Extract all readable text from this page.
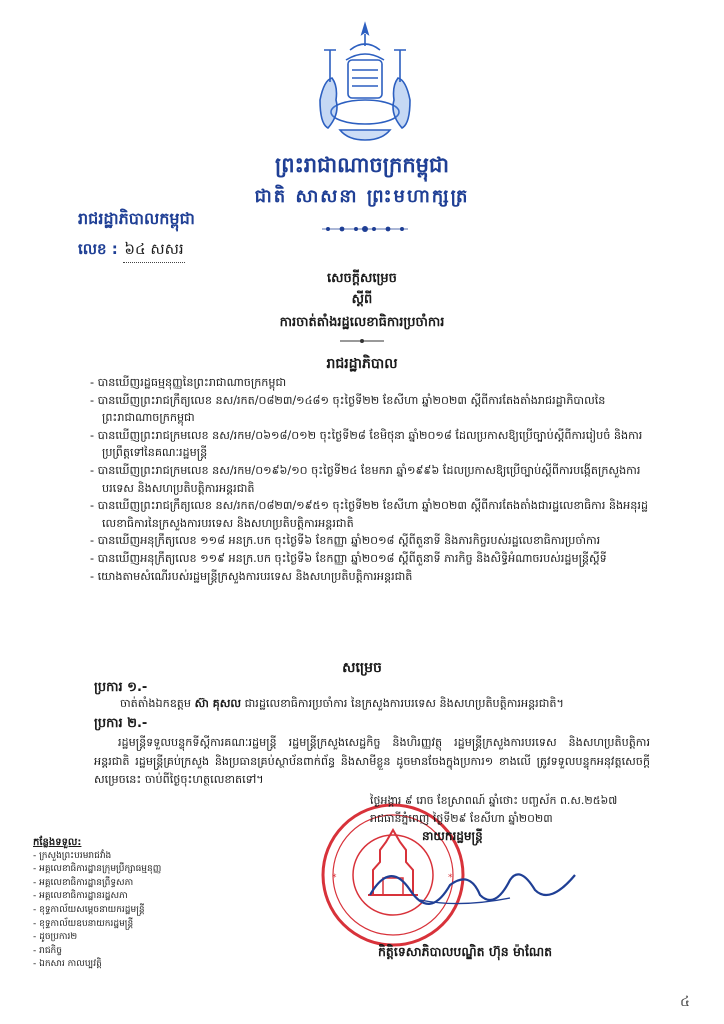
ព្រះរាជាណាចក្រកម្ពុជា
ជាតិ សាសនា ព្រះមហាក្សត្រ
រាជរដ្ឋាភិបាលកម្ពុជា
លេខ : ៦៤ សសរ
សេចក្តីសម្រេច
ស្តីពី
ការចាត់តាំងរដ្ឋលេខាធិការប្រចាំការ
រាជរដ្ឋាភិបាល
- បានឃើញរដ្ឋធម្មនុញ្ញនៃព្រះរាជាណាចក្រកម្ពុជា
- បានឃើញព្រះរាជក្រឹត្យលេខ នស/រកត/០៨២៣/១៤៨១ ចុះថ្ងៃទី២២ ខែសីហា ឆ្នាំ២០២៣ ស្តីពីការតែងតាំងរាជរដ្ឋាភិបាលនៃព្រះរាជាណាចក្រកម្ពុជា
- បានឃើញព្រះរាជក្រមលេខ នស/រកម/០៦១៨/០១២ ចុះថ្ងៃទី២៨ ខែមិថុនា ឆ្នាំ២០១៨ ដែលប្រកាសឱ្យប្រើច្បាប់ស្តីពីការរៀបចំ និងការប្រព្រឹត្តទៅនៃគណៈរដ្ឋមន្ត្រី
- បានឃើញព្រះរាជក្រមលេខ នស/រកម/០១៩៦/១០ ចុះថ្ងៃទី២៤ ខែមករា ឆ្នាំ១៩៩៦ ដែលប្រកាសឱ្យប្រើច្បាប់ស្តីពីការបង្កើតក្រសួងការបរទេស និងសហប្រតិបត្តិការអន្តរជាតិ
- បានឃើញព្រះរាជក្រឹត្យលេខ នស/រកត/០៨២៣/១៩៥១ ចុះថ្ងៃទី២២ ខែសីហា ឆ្នាំ២០២៣ ស្តីពីការតែងតាំងជារដ្ឋលេខាធិការ និងអនុរដ្ឋលេខាធិការនៃក្រសួងការបរទេស និងសហប្រតិបត្តិការអន្តរជាតិ
- បានឃើញអនុក្រឹត្យលេខ ១១៨ អនក្រ.បក ចុះថ្ងៃទី៦ ខែកញ្ញា ឆ្នាំ២០១៨ ស្តីពីតួនាទី និងភារកិច្ចរបស់រដ្ឋលេខាធិការប្រចាំការ
- បានឃើញអនុក្រឹត្យលេខ ១១៩ អនក្រ.បក ចុះថ្ងៃទី៦ ខែកញ្ញា ឆ្នាំ២០១៨ ស្តីពីតួនាទី ភារកិច្ច និងសិទ្ធិអំណាចរបស់រដ្ឋមន្ត្រីស្តីទី
- យោងតាមសំណើរបស់រដ្ឋមន្ត្រីក្រសួងការបរទេស និងសហប្រតិបត្តិការអន្តរជាតិ
សម្រេច
ប្រការ ១.-
ចាត់តាំងឯកឧត្តម ស៊ា គុសល ជារដ្ឋលេខាធិការប្រចាំការ នៃក្រសួងការបរទេស និងសហប្រតិបត្តិការអន្តរជាតិ។
ប្រការ ២.-
រដ្ឋមន្ត្រីទទួលបន្ទុកទីស្តីការគណៈរដ្ឋមន្ត្រី រដ្ឋមន្ត្រីក្រសួងសេដ្ឋកិច្ច និងហិរញ្ញវត្ថុ រដ្ឋមន្ត្រីក្រសួងការបរទេស និងសហប្រតិបត្តិការអន្តរជាតិ រដ្ឋមន្ត្រីគ្រប់ក្រសួង និងប្រធានគ្រប់ស្ថាប័នពាក់ព័ន្ធ និងសាមីខ្លួន ដូចមានចែងក្នុងប្រការ១ ខាងលើ ត្រូវទទួលបន្ទុកអនុវត្តសេចក្តីសម្រេចនេះ ចាប់ពីថ្ងៃចុះហត្ថលេខាតទៅ។
*	*
ថ្ងៃអង្គារ ៩ រោច ខែស្រាពណ៍ ឆ្នាំថោះ បញ្ចស័ក ព.ស.២៥៦៧
រាជធានីភ្នំពេញ ថ្ងៃទី២៩ ខែសីហា ឆ្នាំ២០២៣
នាយករដ្ឋមន្ត្រី
កិត្តិទេសាភិបាលបណ្ឌិត ហ៊ុន ម៉ាណែត
កន្លែងទទួល:
- ក្រសួងព្រះបរមរាជវាំង
- អគ្គលេខាធិការដ្ឋានក្រុមប្រឹក្សាធម្មនុញ្ញ
- អគ្គលេខាធិការដ្ឋានព្រឹទ្ធសភា
- អគ្គលេខាធិការដ្ឋានរដ្ឋសភា
- ខុទ្ទកាល័យសម្តេចនាយករដ្ឋមន្ត្រី
- ខុទ្ទកាល័យឧបនាយករដ្ឋមន្ត្រី
- ដូចប្រការ២
- រាជកិច្ច
- ឯកសារ កាលប្បវត្តិ
៤
